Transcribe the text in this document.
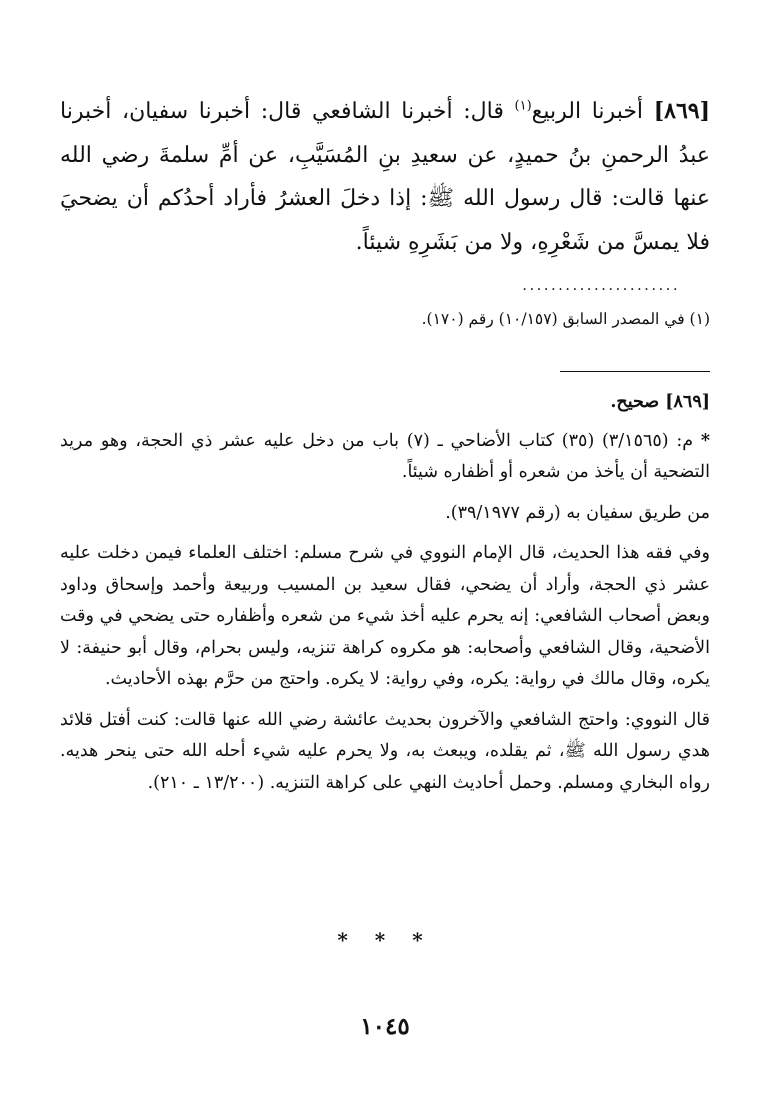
[٨٦٩] أخبرنا الربيع$^{(١)}$ قال: أخبرنا الشافعي قال: أخبرنا سفيان، أخبرنا عبدُ الرحمنِ بنُ حميدٍ، عن سعيدِ بنِ المُسَيَّبِ، عن أمِّ سلمةَ رضي الله عنها قالت: قال رسول الله ﷺ: إذا دخلَ العشرُ فأراد أحدُكم أن يضحيَ فلا يمسَّ من شَعْرِهِ، ولا من بَشَرِهِ شيئاً.

......................
(١) في المصدر السابق (١٠/١٥٧) رقم (١٧٠).

[٨٦٩] صحيح.

* م: (٣/١٥٦٥) (٣٥) كتاب الأضاحي ـ (٧) باب من دخل عليه عشر ذي الحجة، وهو مريد التضحية أن يأخذ من شعره أو أظفاره شيئاً.

من طريق سفيان به (رقم ٣٩/١٩٧٧).

وفي فقه هذا الحديث، قال الإمام النووي في شرح مسلم: اختلف العلماء فيمن دخلت عليه عشر ذي الحجة، وأراد أن يضحي، فقال سعيد بن المسيب وربيعة وأحمد وإسحاق وداود وبعض أصحاب الشافعي: إنه يحرم عليه أخذ شيء من شعره وأظفاره حتى يضحي في وقت الأضحية، وقال الشافعي وأصحابه: هو مكروه كراهة تنزيه، وليس بحرام، وقال أبو حنيفة: لا يكره، وقال مالك في رواية: يكره، وفي رواية: لا يكره. واحتج من حرَّم بهذه الأحاديث.

قال النووي: واحتج الشافعي والآخرون بحديث عائشة رضي الله عنها قالت: كنت أفتل قلائد هدي رسول الله ﷺ، ثم يقلده، ويبعث به، ولا يحرم عليه شيء أحله الله حتى ينحر هديه. رواه البخاري ومسلم. وحمل أحاديث النهي على كراهة التنزيه. (١٣/٢٠٠ ـ ٢١٠).

* * *
١٠٤٥
